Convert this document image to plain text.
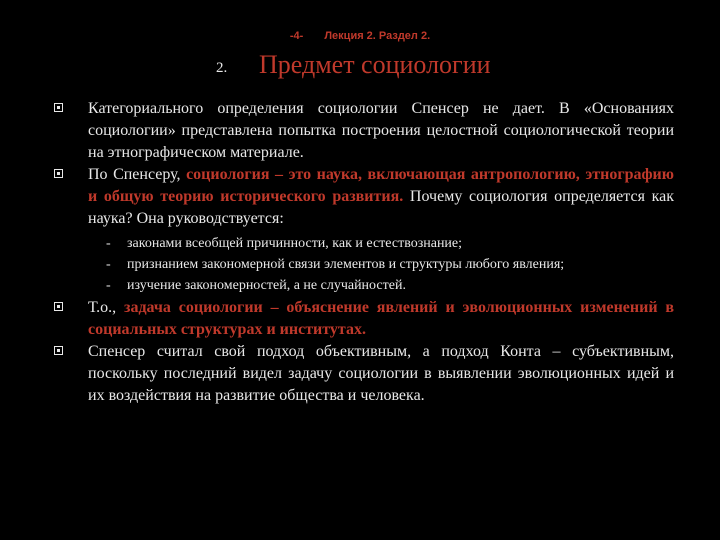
-4- Лекция 2. Раздел 2.
2. Предмет социологии
Категориального определения социологии Спенсер не дает. В «Основаниях социологии» представлена попытка построения целостной социологической теории на этнографическом материале.
По Спенсеру, социология – это наука, включающая антропологию, этнографию и общую теорию исторического развития. Почему социология определяется как наука? Она руководствуется:
- законами всеобщей причинности, как и естествознание;
- признанием закономерной связи элементов и структуры любого явления;
- изучение закономерностей, а не случайностей.
Т.о., задача социологии – объяснение явлений и эволюционных изменений в социальных структурах и институтах.
Спенсер считал свой подход объективным, а подход Конта – субъективным, поскольку последний видел задачу социологии в выявлении эволюционных идей и их воздействия на развитие общества и человека.
